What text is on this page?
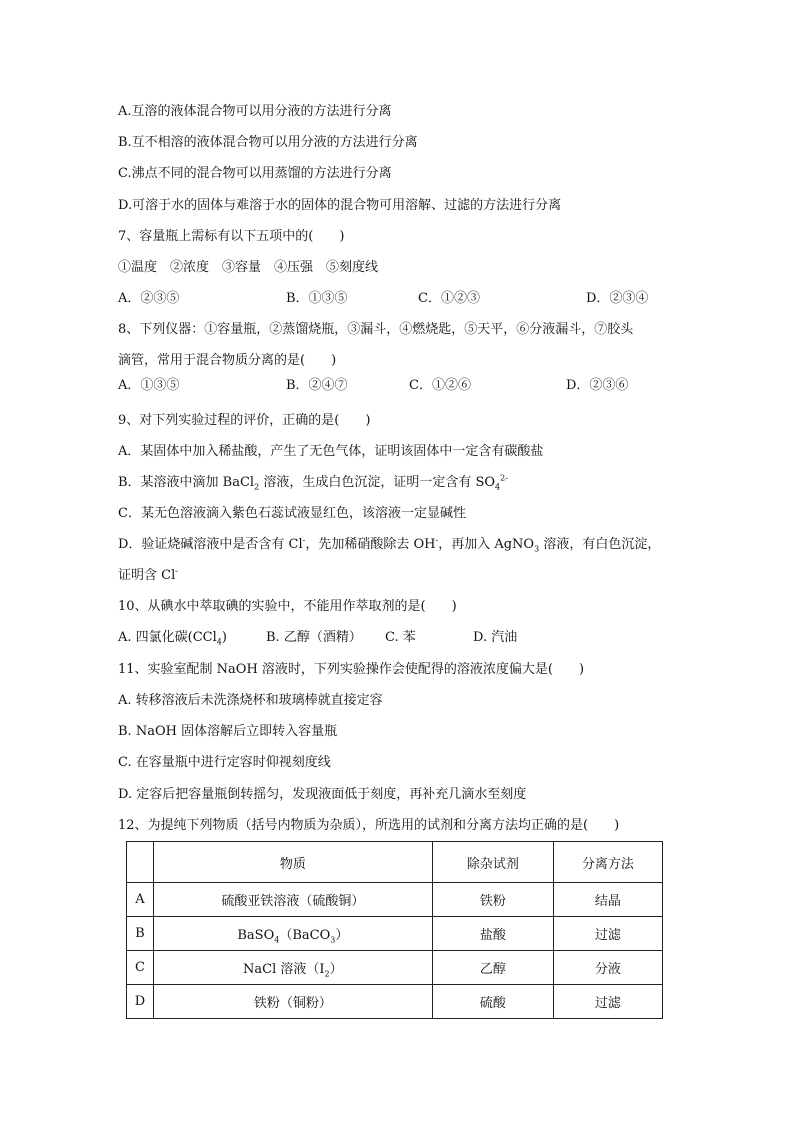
A.互溶的液体混合物可以用分液的方法进行分离
B.互不相溶的液体混合物可以用分液的方法进行分离
C.沸点不同的混合物可以用蒸馏的方法进行分离
D.可溶于水的固体与难溶于水的固体的混合物可用溶解、过滤的方法进行分离
7、容量瓶上需标有以下五项中的(　　)
①温度　②浓度　③容量　④压强　⑤刻度线
A．②③⑤	B．①③⑤	C．①②③	D．②③④
8、下列仪器：①容量瓶，②蒸馏烧瓶，③漏斗，④燃烧匙，⑤天平，⑥分液漏斗，⑦胶头
滴管，常用于混合物质分离的是(　　)
A．①③⑤	B．②④⑦	C．①②⑥	D．②③⑥
9、对下列实验过程的评价，正确的是(　　)
A．某固体中加入稀盐酸，产生了无色气体，证明该固体中一定含有碳酸盐
B．某溶液中滴加 BaCl$_2$ 溶液，生成白色沉淀，证明一定含有 $SO_4^{2-}$
C．某无色溶液滴入紫色石蕊试液显红色，该溶液一定显碱性
D．验证烧碱溶液中是否含有 Cl-，先加稀硝酸除去 OH-，再加入 AgNO$_3$ 溶液，有白色沉淀，
证明含 Cl-
10、从碘水中萃取碘的实验中，不能用作萃取剂的是(　　)
A. 四氯化碳(CCl$_4$)	B. 乙醇（酒精） C. 苯	D. 汽油
11、实验室配制 NaOH 溶液时，下列实验操作会使配得的溶液浓度偏大是(　　)
A. 转移溶液后未洗涤烧杯和玻璃棒就直接定容
B. NaOH 固体溶解后立即转入容量瓶
C. 在容量瓶中进行定容时仰视刻度线
D. 定容后把容量瓶倒转摇匀，发现液面低于刻度，再补充几滴水至刻度
12、为提纯下列物质（括号内物质为杂质），所选用的试剂和分离方法均正确的是(　　)
	物质	除杂试剂	分离方法
A	硫酸亚铁溶液（硫酸铜）	铁粉	结晶
B	BaSO$_4$（BaCO$_3$）	盐酸	过滤
C	NaCl 溶液$(I_2)$	乙醇	分液
D	铁粉（铜粉）	硫酸	过滤
